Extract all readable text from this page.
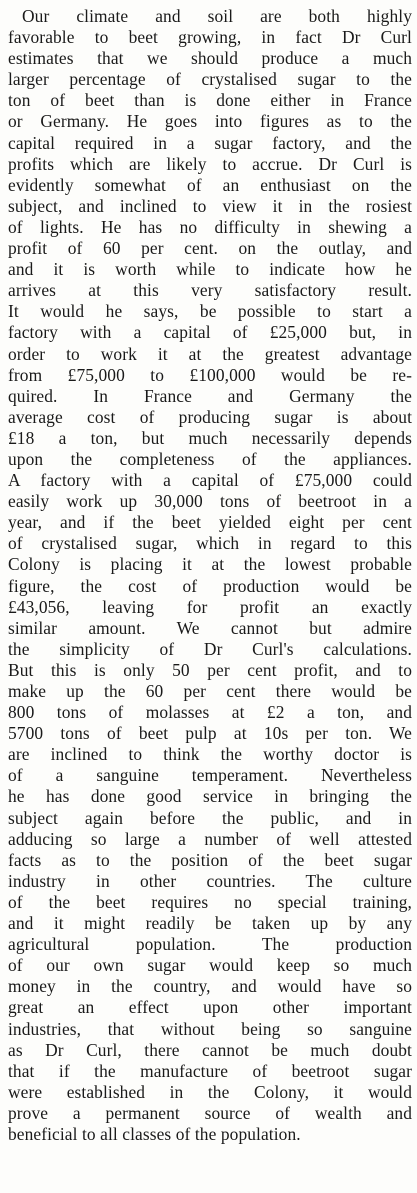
Our climate and soil are both highly
favorable to beet growing, in fact Dr Curl
estimates that we should produce a much
larger percentage of crystalised sugar to the
ton of beet than is done either in France
or Germany. He goes into figures as to the
capital required in a sugar factory, and the
profits which are likely to accrue. Dr Curl is
evidently somewhat of an enthusiast on the
subject, and inclined to view it in the rosiest
of lights. He has no difficulty in shewing a
profit of 60 per cent. on the outlay, and
and it is worth while to indicate how he
arrives at this very satisfactory result.
It would he says, be possible to start a
factory with a capital of £25,000 but, in
order to work it at the greatest advantage
from £75,000 to £100,000 would be re-
quired. In France and Germany the
average cost of producing sugar is about
£18 a ton, but much necessarily depends
upon the completeness of the appliances.
A factory with a capital of £75,000 could
easily work up 30,000 tons of beetroot in a
year, and if the beet yielded eight per cent
of crystalised sugar, which in regard to this
Colony is placing it at the lowest probable
figure, the cost of production would be
£43,056, leaving for profit an exactly
similar amount. We cannot but admire
the simplicity of Dr Curl's calculations.
But this is only 50 per cent profit, and to
make up the 60 per cent there would be
800 tons of molasses at £2 a ton, and
5700 tons of beet pulp at 10s per ton. We
are inclined to think the worthy doctor is
of a sanguine temperament. Nevertheless
he has done good service in bringing the
subject again before the public, and in
adducing so large a number of well attested
facts as to the position of the beet sugar
industry in other countries. The culture
of the beet requires no special training,
and it might readily be taken up by any
agricultural population. The production
of our own sugar would keep so much
money in the country, and would have so
great an effect upon other important
industries, that without being so sanguine
as Dr Curl, there cannot be much doubt
that if the manufacture of beetroot sugar
were established in the Colony, it would
prove a permanent source of wealth and
beneficial to all classes of the population.
